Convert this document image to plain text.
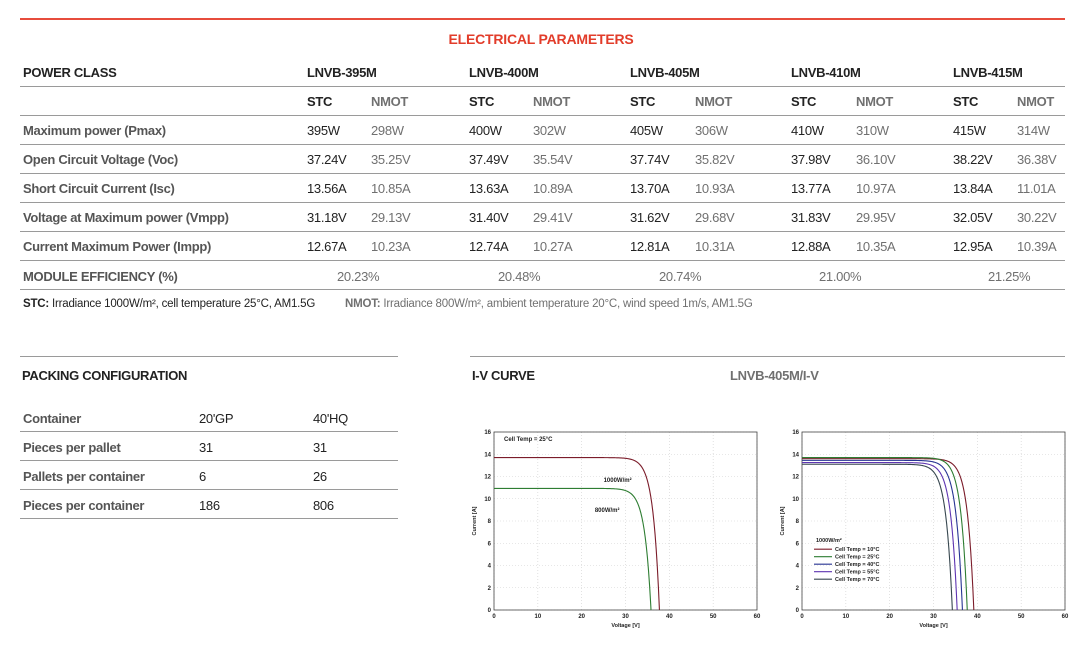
ELECTRICAL PARAMETERS
POWER CLASS	LNVB-395M	LNVB-400M	LNVB-405M	LNVB-410M	LNVB-415M
STC	NMOT	STC	NMOT	STC	NMOT	STC	NMOT	STC	NMOT
Maximum power (Pmax)	395W 298W	400W 302W	405W 306W	410W 310W	415W 314W
Open Circuit Voltage (Voc)	37.24V 35.25V	37.49V 35.54V	37.74V 35.82V	37.98V 36.10V	38.22V 36.38V
Short Circuit Current (Isc)	13.56A 10.85A	13.63A 10.89A	13.70A 10.93A	13.77A 10.97A	13.84A 11.01A
Voltage at Maximum power (Vmpp)	31.18V 29.13V	31.40V 29.41V	31.62V 29.68V	31.83V 29.95V	32.05V 30.22V
Current Maximum Power (Impp)	12.67A 10.23A	12.74A 10.27A	12.81A 10.31A	12.88A 10.35A	12.95A 10.39A
MODULE EFFICIENCY (%)	20.23%	20.48%	20.74%	21.00%	21.25%
STC: Irradiance 1000W/m², cell temperature 25°C, AM1.5G	NMOT: Irradiance 800W/m², ambient temperature 20°C, wind speed 1m/s, AM1.5G
PACKING CONFIGURATION	I-V CURVE	LNVB-405M/I-V
Container	20'GP	40'HQ
Pieces per pallet	31	31
Pallets per container	6	26
Pieces per container	186	806
0	10	20	30	40	50	60
0
2
4
6
8
10
12
14
16
Voltage [V]
Current [A]
Cell Temp = 25°C
1000W/m²
800W/m²
0	10	20	30	40	50	60
0
2
4
6
8
10
12
14
16
Voltage [V]
Current [A]
1000W/m²
Cell Temp = 10°C
Cell Temp = 25°C
Cell Temp = 40°C
Cell Temp = 55°C
Cell Temp = 70°C
